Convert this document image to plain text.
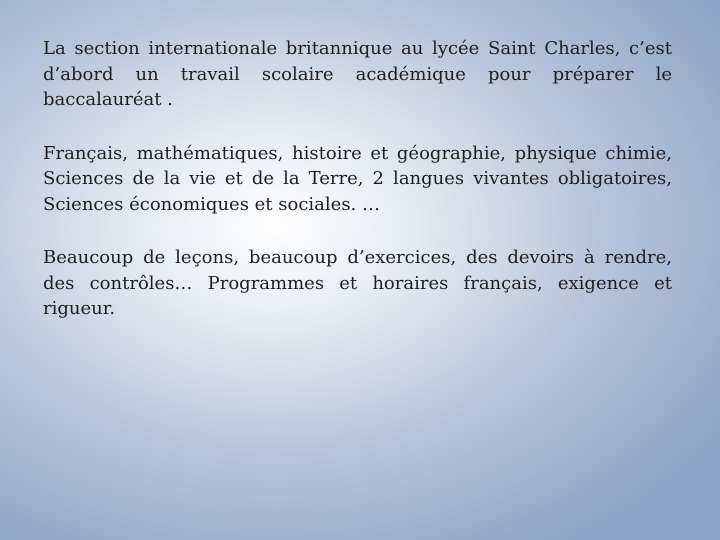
La section internationale britannique au lycée Saint Charles, c’est d’abord un travail scolaire académique pour préparer le baccalauréat .

Français, mathématiques, histoire et géographie, physique chimie, Sciences de la vie et de la Terre, 2 langues vivantes obligatoires, Sciences économiques et sociales. …

Beaucoup de leçons, beaucoup d’exercices, des devoirs à rendre, des contrôles… Programmes et horaires français, exigence et rigueur.
